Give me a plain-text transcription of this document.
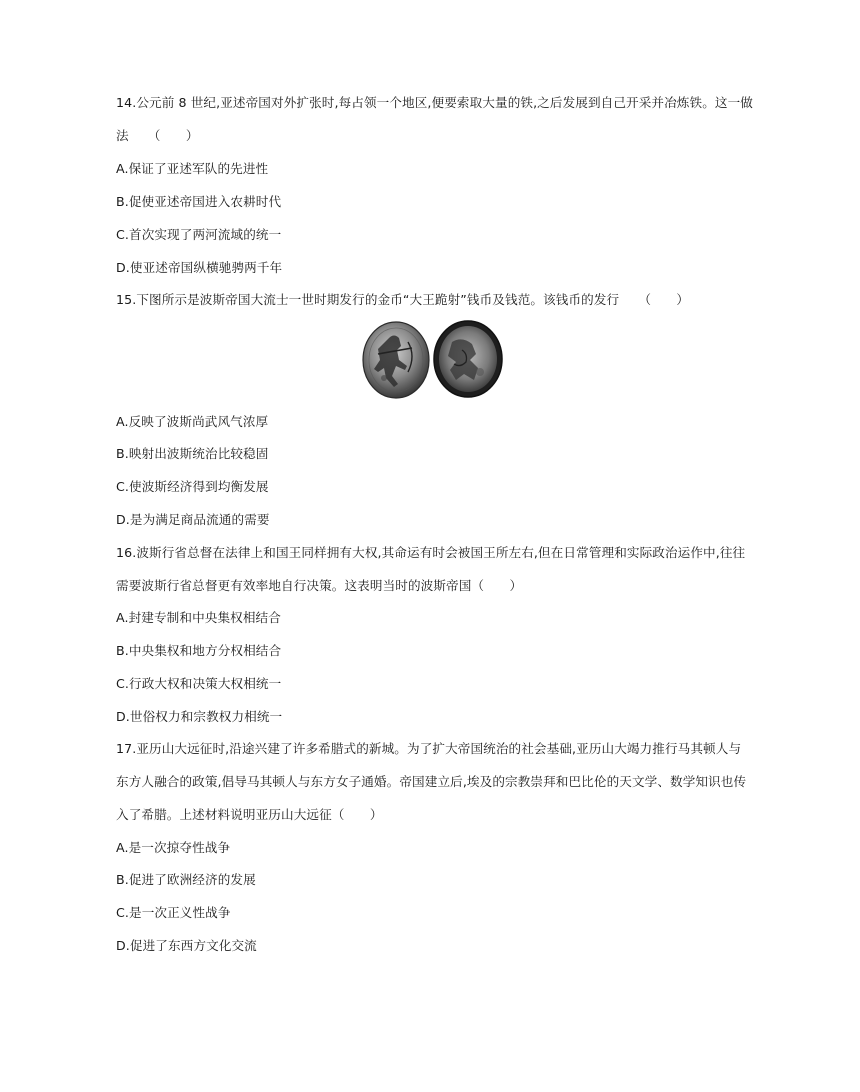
14.公元前 8 世纪,亚述帝国对外扩张时,每占领一个地区,便要索取大量的铁,之后发展到自己开采并冶炼铁。这一做
法　　（　　）
A.保证了亚述军队的先进性
B.促使亚述帝国进入农耕时代
C.首次实现了两河流域的统一
D.使亚述帝国纵横驰骋两千年
15.下图所示是波斯帝国大流士一世时期发行的金币“大王跪射”钱币及钱范。该钱币的发行　　（　　）
A.反映了波斯尚武风气浓厚
B.映射出波斯统治比较稳固
C.使波斯经济得到均衡发展
D.是为满足商品流通的需要
16.波斯行省总督在法律上和国王同样拥有大权,其命运有时会被国王所左右,但在日常管理和实际政治运作中,往往
需要波斯行省总督更有效率地自行决策。这表明当时的波斯帝国（　　）
A.封建专制和中央集权相结合
B.中央集权和地方分权相结合
C.行政大权和决策大权相统一
D.世俗权力和宗教权力相统一
17.亚历山大远征时,沿途兴建了许多希腊式的新城。为了扩大帝国统治的社会基础,亚历山大竭力推行马其顿人与
东方人融合的政策,倡导马其顿人与东方女子通婚。帝国建立后,埃及的宗教崇拜和巴比伦的天文学、数学知识也传
入了希腊。上述材料说明亚历山大远征（　　）
A.是一次掠夺性战争
B.促进了欧洲经济的发展
C.是一次正义性战争
D.促进了东西方文化交流
